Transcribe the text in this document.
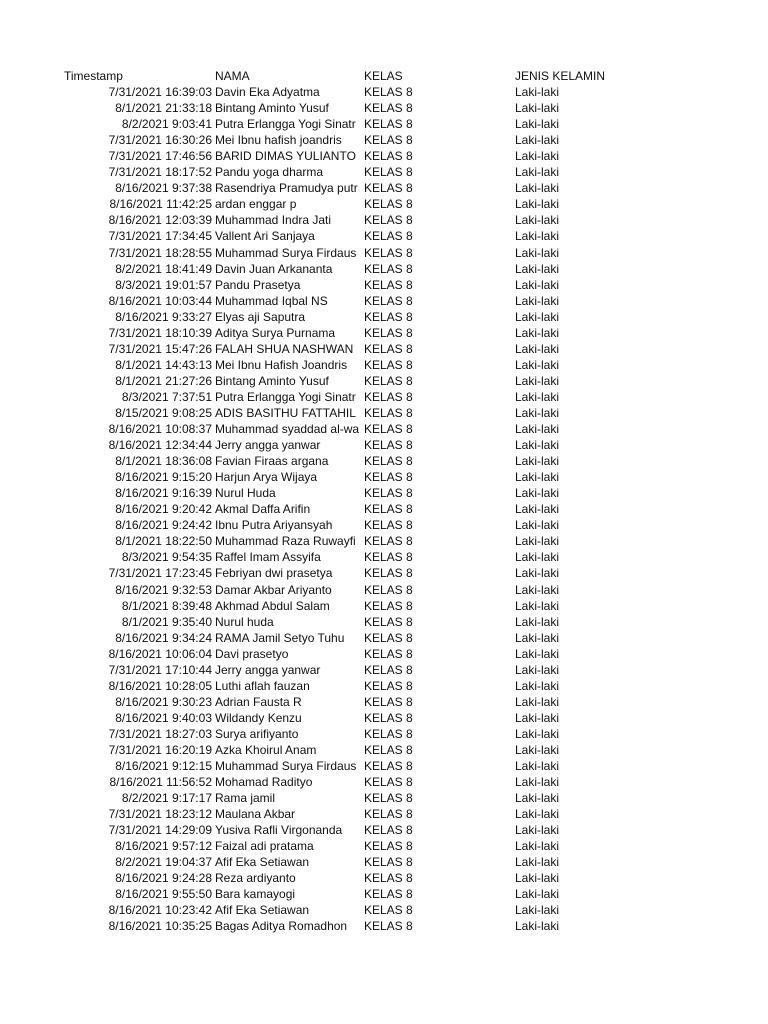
Timestamp	NAMA	KELAS	JENIS KELAMIN
7/31/2021 16:39:03 Davin Eka Adyatma	KELAS 8	Laki-laki
8/1/2021 21:33:18 Bintang Aminto Yusuf	KELAS 8	Laki-laki
8/2/2021 9:03:41 Putra Erlangga Yogi Sinatr KELAS 8	Laki-laki
7/31/2021 16:30:26 Mei Ibnu hafish joandris	KELAS 8	Laki-laki
7/31/2021 17:46:56 BARID DIMAS YULIANTO KELAS 8	Laki-laki
7/31/2021 18:17:52 Pandu yoga dharma	KELAS 8	Laki-laki
8/16/2021 9:37:38 Rasendriya Pramudya putr KELAS 8	Laki-laki
8/16/2021 11:42:25 ardan enggar p	KELAS 8	Laki-laki
8/16/2021 12:03:39 Muhammad Indra Jati	KELAS 8	Laki-laki
7/31/2021 17:34:45 Vallent Ari Sanjaya	KELAS 8	Laki-laki
7/31/2021 18:28:55 Muhammad Surya Firdaus KELAS 8	Laki-laki
8/2/2021 18:41:49 Davin Juan Arkananta	KELAS 8	Laki-laki
8/3/2021 19:01:57 Pandu Prasetya	KELAS 8	Laki-laki
8/16/2021 10:03:44 Muhammad Iqbal NS	KELAS 8	Laki-laki
8/16/2021 9:33:27 Elyas aji Saputra	KELAS 8	Laki-laki
7/31/2021 18:10:39 Aditya Surya Purnama	KELAS 8	Laki-laki
7/31/2021 15:47:26 FALAH SHUA NASHWAN KELAS 8	Laki-laki
8/1/2021 14:43:13 Mei Ibnu Hafish Joandris	KELAS 8	Laki-laki
8/1/2021 21:27:26 Bintang Aminto Yusuf	KELAS 8	Laki-laki
8/3/2021 7:37:51 Putra Erlangga Yogi Sinatr KELAS 8	Laki-laki
8/15/2021 9:08:25 ADIS BASITHU FATTAHIL KELAS 8	Laki-laki
8/16/2021 10:08:37 Muhammad syaddad al-wa KELAS 8	Laki-laki
8/16/2021 12:34:44 Jerry angga yanwar	KELAS 8	Laki-laki
8/1/2021 18:36:08 Favian Firaas argana	KELAS 8	Laki-laki
8/16/2021 9:15:20 Harjun Arya Wijaya	KELAS 8	Laki-laki
8/16/2021 9:16:39 Nurul Huda	KELAS 8	Laki-laki
8/16/2021 9:20:42 Akmal Daffa Arifin	KELAS 8	Laki-laki
8/16/2021 9:24:42 Ibnu Putra Ariyansyah	KELAS 8	Laki-laki
8/1/2021 18:22:50 Muhammad Raza Ruwayfi KELAS 8	Laki-laki
8/3/2021 9:54:35 Raffel Imam Assyifa	KELAS 8	Laki-laki
7/31/2021 17:23:45 Febriyan dwi prasetya	KELAS 8	Laki-laki
8/16/2021 9:32:53 Damar Akbar Ariyanto	KELAS 8	Laki-laki
8/1/2021 8:39:48 Akhmad Abdul Salam	KELAS 8	Laki-laki
8/1/2021 9:35:40 Nurul huda	KELAS 8	Laki-laki
8/16/2021 9:34:24 RAMA Jamil Setyo Tuhu	KELAS 8	Laki-laki
8/16/2021 10:06:04 Davi prasetyo	KELAS 8	Laki-laki
7/31/2021 17:10:44 Jerry angga yanwar	KELAS 8	Laki-laki
8/16/2021 10:28:05 Luthi aflah fauzan	KELAS 8	Laki-laki
8/16/2021 9:30:23 Adrian Fausta R	KELAS 8	Laki-laki
8/16/2021 9:40:03 Wildandy Kenzu	KELAS 8	Laki-laki
7/31/2021 18:27:03 Surya arifiyanto	KELAS 8	Laki-laki
7/31/2021 16:20:19 Azka Khoirul Anam	KELAS 8	Laki-laki
8/16/2021 9:12:15 Muhammad Surya Firdaus KELAS 8	Laki-laki
8/16/2021 11:56:52 Mohamad Radityo	KELAS 8	Laki-laki
8/2/2021 9:17:17 Rama jamil	KELAS 8	Laki-laki
7/31/2021 18:23:12 Maulana Akbar	KELAS 8	Laki-laki
7/31/2021 14:29:09 Yusiva Rafli Virgonanda	KELAS 8	Laki-laki
8/16/2021 9:57:12 Faizal adi pratama	KELAS 8	Laki-laki
8/2/2021 19:04:37 Afif Eka Setiawan	KELAS 8	Laki-laki
8/16/2021 9:24:28 Reza ardiyanto	KELAS 8	Laki-laki
8/16/2021 9:55:50 Bara kamayogi	KELAS 8	Laki-laki
8/16/2021 10:23:42 Afif Eka Setiawan	KELAS 8	Laki-laki
8/16/2021 10:35:25 Bagas Aditya Romadhon	KELAS 8	Laki-laki
